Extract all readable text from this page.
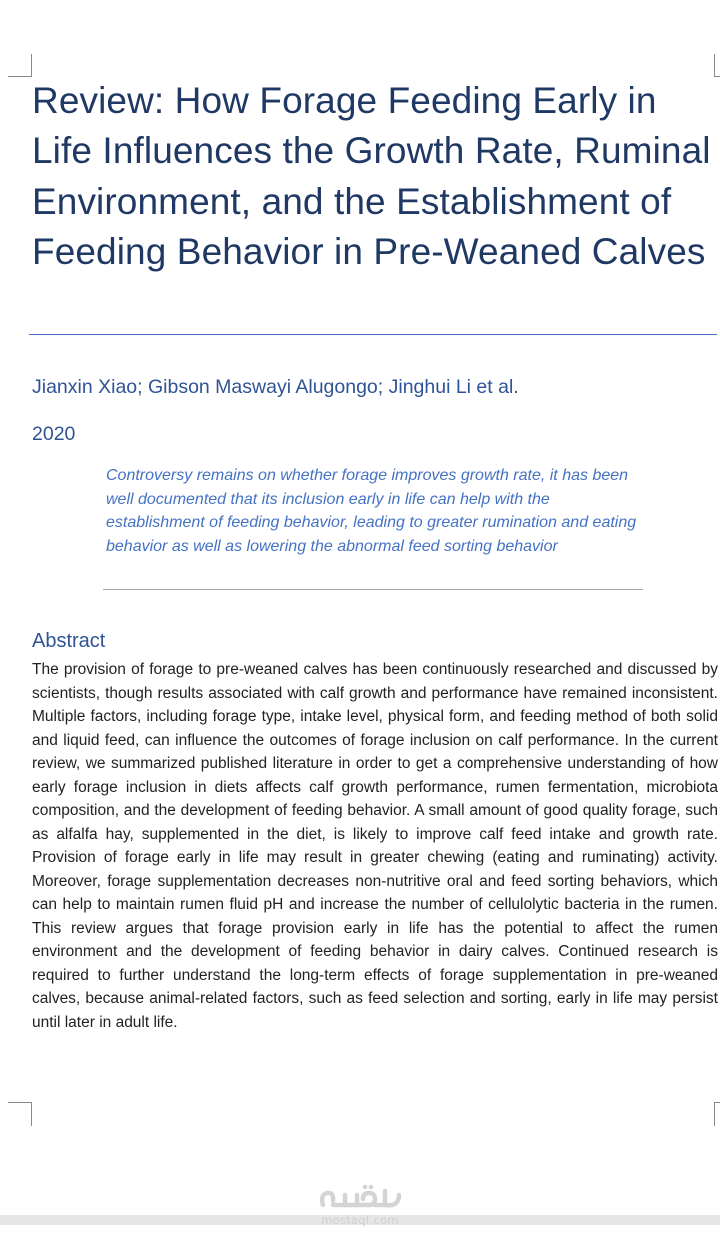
Review: How Forage Feeding Early in Life Influences the Growth Rate, Ruminal Environment, and the Establishment of Feeding Behavior in Pre-Weaned Calves
Jianxin Xiao; Gibson Maswayi Alugongo; Jinghui Li et al.
2020

Controversy remains on whether forage improves growth rate, it has been well documented that its inclusion early in life can help with the establishment of feeding behavior, leading to greater rumination and eating behavior as well as lowering the abnormal feed sorting behavior

Abstract

The provision of forage to pre-weaned calves has been continuously researched and discussed by scientists, though results associated with calf growth and performance have remained inconsistent. Multiple factors, including forage type, intake level, physical form, and feeding method of both solid and liquid feed, can influence the outcomes of forage inclusion on calf performance. In the current review, we summarized published literature in order to get a comprehensive understanding of how early forage inclusion in diets affects calf growth performance, rumen fermentation, microbiota composition, and the development of feeding behavior. A small amount of good quality forage, such as alfalfa hay, supplemented in the diet, is likely to improve calf feed intake and growth rate. Provision of forage early in life may result in greater chewing (eating and ruminating) activity. Moreover, forage supplementation decreases non-nutritive oral and feed sorting behaviors, which can help to maintain rumen fluid pH and increase the number of cellulolytic bacteria in the rumen. This review argues that forage provision early in life has the potential to affect the rumen environment and the development of feeding behavior in dairy calves. Continued research is required to further understand the long-term effects of forage supplementation in pre-weaned calves, because animal-related factors, such as feed selection and sorting, early in life may persist until later in adult life.

mostaql.com
